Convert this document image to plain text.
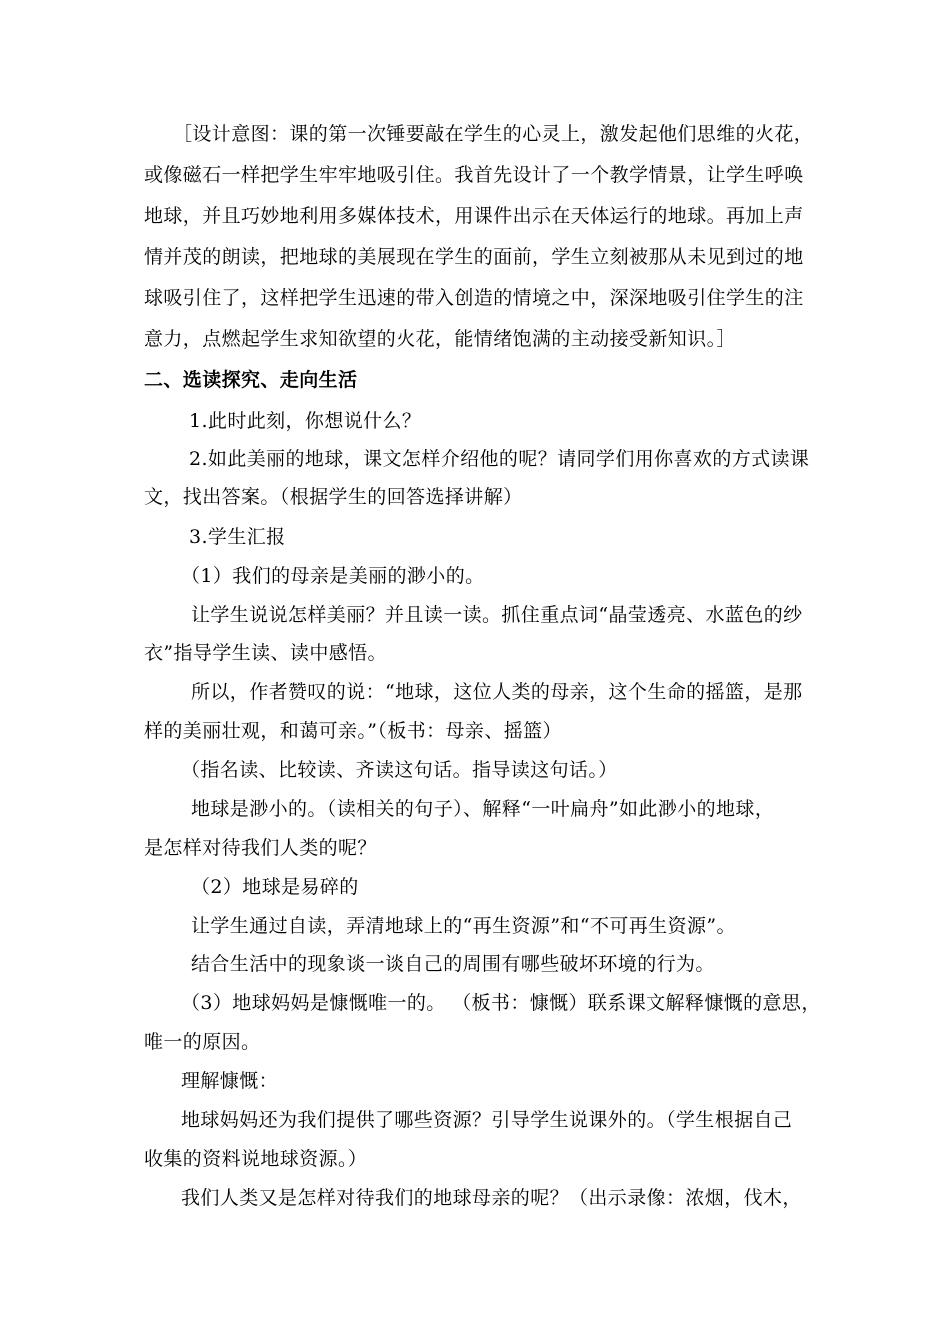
［设计意图：课的第一次锤要敲在学生的心灵上，激发起他们思维的火花，
或像磁石一样把学生牢牢地吸引住。我首先设计了一个教学情景，让学生呼唤
地球，并且巧妙地利用多媒体技术，用课件出示在天体运行的地球。再加上声
情并茂的朗读，把地球的美展现在学生的面前，学生立刻被那从未见到过的地
球吸引住了，这样把学生迅速的带入创造的情境之中，深深地吸引住学生的注
意力，点燃起学生求知欲望的火花，能情绪饱满的主动接受新知识。］
二、选读探究、走向生活
1.此时此刻，你想说什么？
2.如此美丽的地球，课文怎样介绍他的呢？请同学们用你喜欢的方式读课
文，找出答案。（根据学生的回答选择讲解）
3.学生汇报
（1）我们的母亲是美丽的渺小的。
让学生说说怎样美丽？并且读一读。抓住重点词“晶莹透亮、水蓝色的纱
衣”指导学生读、读中感悟。
所以，作者赞叹的说：“地球，这位人类的母亲，这个生命的摇篮，是那
样的美丽壮观，和蔼可亲。”（板书：母亲、摇篮）
（指名读、比较读、齐读这句话。指导读这句话。）
地球是渺小的。（读相关的句子）、解释“一叶扁舟”如此渺小的地球，
是怎样对待我们人类的呢？
（2）地球是易碎的
让学生通过自读，弄清地球上的“再生资源”和“不可再生资源”。
结合生活中的现象谈一谈自己的周围有哪些破坏环境的行为。
（3）地球妈妈是慷慨唯一的。 （板书：慷慨）联系课文解释慷慨的意思，
唯一的原因。
理解慷慨：
地球妈妈还为我们提供了哪些资源？引导学生说课外的。（学生根据自己
收集的资料说地球资源。）
我们人类又是怎样对待我们的地球母亲的呢？（出示录像：浓烟，伐木，
